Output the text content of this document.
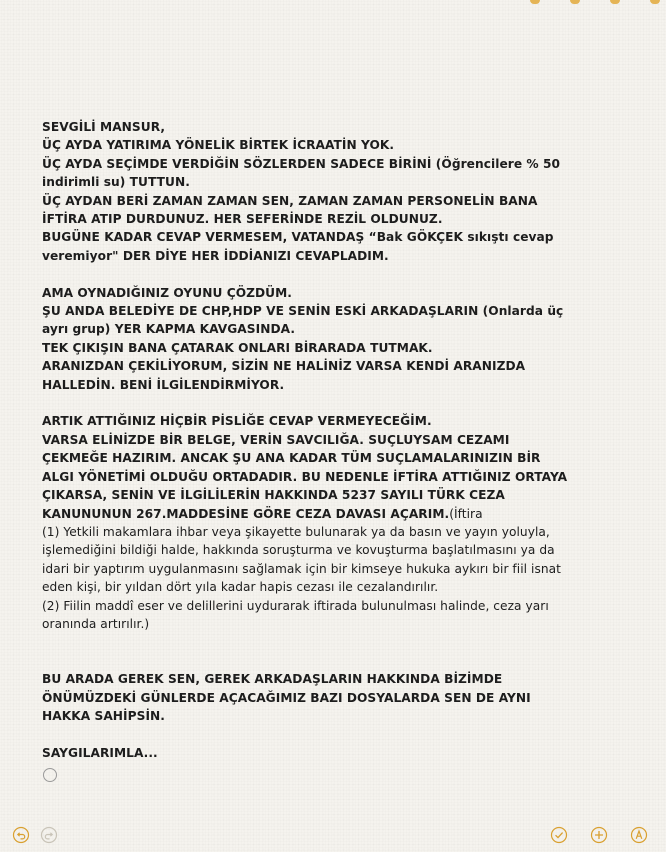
SEVGİLİ MANSUR,
ÜÇ AYDA YATIRIMA YÖNELİK BİRTEK İCRAATİN YOK.
ÜÇ AYDA SEÇİMDE VERDİĞİN SÖZLERDEN SADECE BİRİNİ (Öğrencilere % 50
indirimli su) TUTTUN.
ÜÇ AYDAN BERİ ZAMAN ZAMAN SEN, ZAMAN ZAMAN PERSONELİN BANA
İFTİRA ATIP DURDUNUZ. HER SEFERİNDE REZİL OLDUNUZ.
BUGÜNE KADAR CEVAP VERMESEM, VATANDAŞ “Bak GÖKÇEK sıkıştı cevap
veremiyor" DER DİYE HER İDDİANIZI CEVAPLADIM.
AMA OYNADIĞINIZ OYUNU ÇÖZDÜM.
ŞU ANDA BELEDİYE DE CHP,HDP VE SENİN ESKİ ARKADAŞLARIN (Onlarda üç
ayrı grup) YER KAPMA KAVGASINDA.
TEK ÇIKIŞIN BANA ÇATARAK ONLARI BİRARADA TUTMAK.
ARANIZDAN ÇEKİLİYORUM, SİZİN NE HALİNİZ VARSA KENDİ ARANIZDA
HALLEDİN. BENİ İLGİLENDİRMİYOR.
ARTIK ATTIĞINIZ HİÇBİR PİSLİĞE CEVAP VERMEYECEĞİM.
VARSA ELİNİZDE BİR BELGE, VERİN SAVCILIĞA. SUÇLUYSAM CEZAMI
ÇEKMEĞE HAZIRIM. ANCAK ŞU ANA KADAR TÜM SUÇLAMALARINIZIN BİR
ALGI YÖNETİMİ OLDUĞU ORTADADIR. BU NEDENLE İFTİRA ATTIĞINIZ ORTAYA
ÇIKARSA, SENİN VE İLGİLİLERİN HAKKINDA 5237 SAYILI TÜRK CEZA
KANUNUNUN 267.MADDESİNE GÖRE CEZA DAVASI AÇARIM.(İftira
(1) Yetkili makamlara ihbar veya şikayette bulunarak ya da basın ve yayın yoluyla,
işlemediğini bildiği halde, hakkında soruşturma ve kovuşturma başlatılmasını ya da
idari bir yaptırım uygulanmasını sağlamak için bir kimseye hukuka aykırı bir fiil isnat
eden kişi, bir yıldan dört yıla kadar hapis cezası ile cezalandırılır.
(2) Fiilin maddî eser ve delillerini uydurarak iftirada bulunulması halinde, ceza yarı
oranında artırılır.)
BU ARADA GEREK SEN, GEREK ARKADAŞLARIN HAKKINDA BİZİMDE
ÖNÜMÜZDEKİ GÜNLERDE AÇACAĞIMIZ BAZI DOSYALARDA SEN DE AYNI
HAKKA SAHİPSİN.
SAYGILARIMLA...
